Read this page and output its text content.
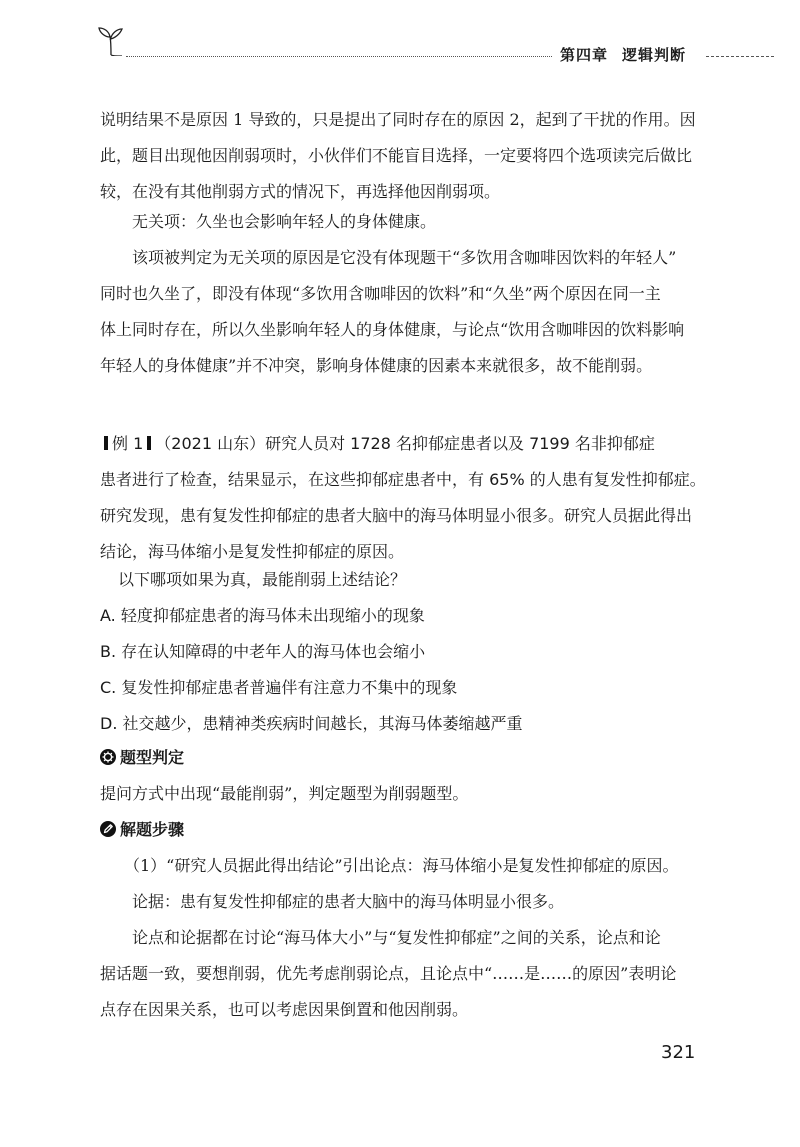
第四章 逻辑判断
说明结果不是原因 1 导致的，只是提出了同时存在的原因 2，起到了干扰的作用。因
此，题目出现他因削弱项时，小伙伴们不能盲目选择，一定要将四个选项读完后做比
较，在没有其他削弱方式的情况下，再选择他因削弱项。
无关项：久坐也会影响年轻人的身体健康。
该项被判定为无关项的原因是它没有体现题干“多饮用含咖啡因饮料的年轻人”
同时也久坐了，即没有体现“多饮用含咖啡因的饮料”和“久坐”两个原因在同一主
体上同时存在，所以久坐影响年轻人的身体健康，与论点“饮用含咖啡因的饮料影响
年轻人的身体健康”并不冲突，影响身体健康的因素本来就很多，故不能削弱。
例 1 （2021 山东）研究人员对 1728 名抑郁症患者以及 7199 名非抑郁症
患者进行了检查，结果显示，在这些抑郁症患者中，有 65% 的人患有复发性抑郁症。
研究发现，患有复发性抑郁症的患者大脑中的海马体明显小很多。研究人员据此得出
结论，海马体缩小是复发性抑郁症的原因。
以下哪项如果为真，最能削弱上述结论？
A. 轻度抑郁症患者的海马体未出现缩小的现象
B. 存在认知障碍的中老年人的海马体也会缩小
C. 复发性抑郁症患者普遍伴有注意力不集中的现象
D. 社交越少，患精神类疾病时间越长，其海马体萎缩越严重
题型判定
提问方式中出现“最能削弱”，判定题型为削弱题型。
解题步骤
（1）“研究人员据此得出结论”引出论点：海马体缩小是复发性抑郁症的原因。
论据：患有复发性抑郁症的患者大脑中的海马体明显小很多。
论点和论据都在讨论“海马体大小”与“复发性抑郁症”之间的关系，论点和论
据话题一致，要想削弱，优先考虑削弱论点，且论点中“……是……的原因”表明论
点存在因果关系，也可以考虑因果倒置和他因削弱。
321
